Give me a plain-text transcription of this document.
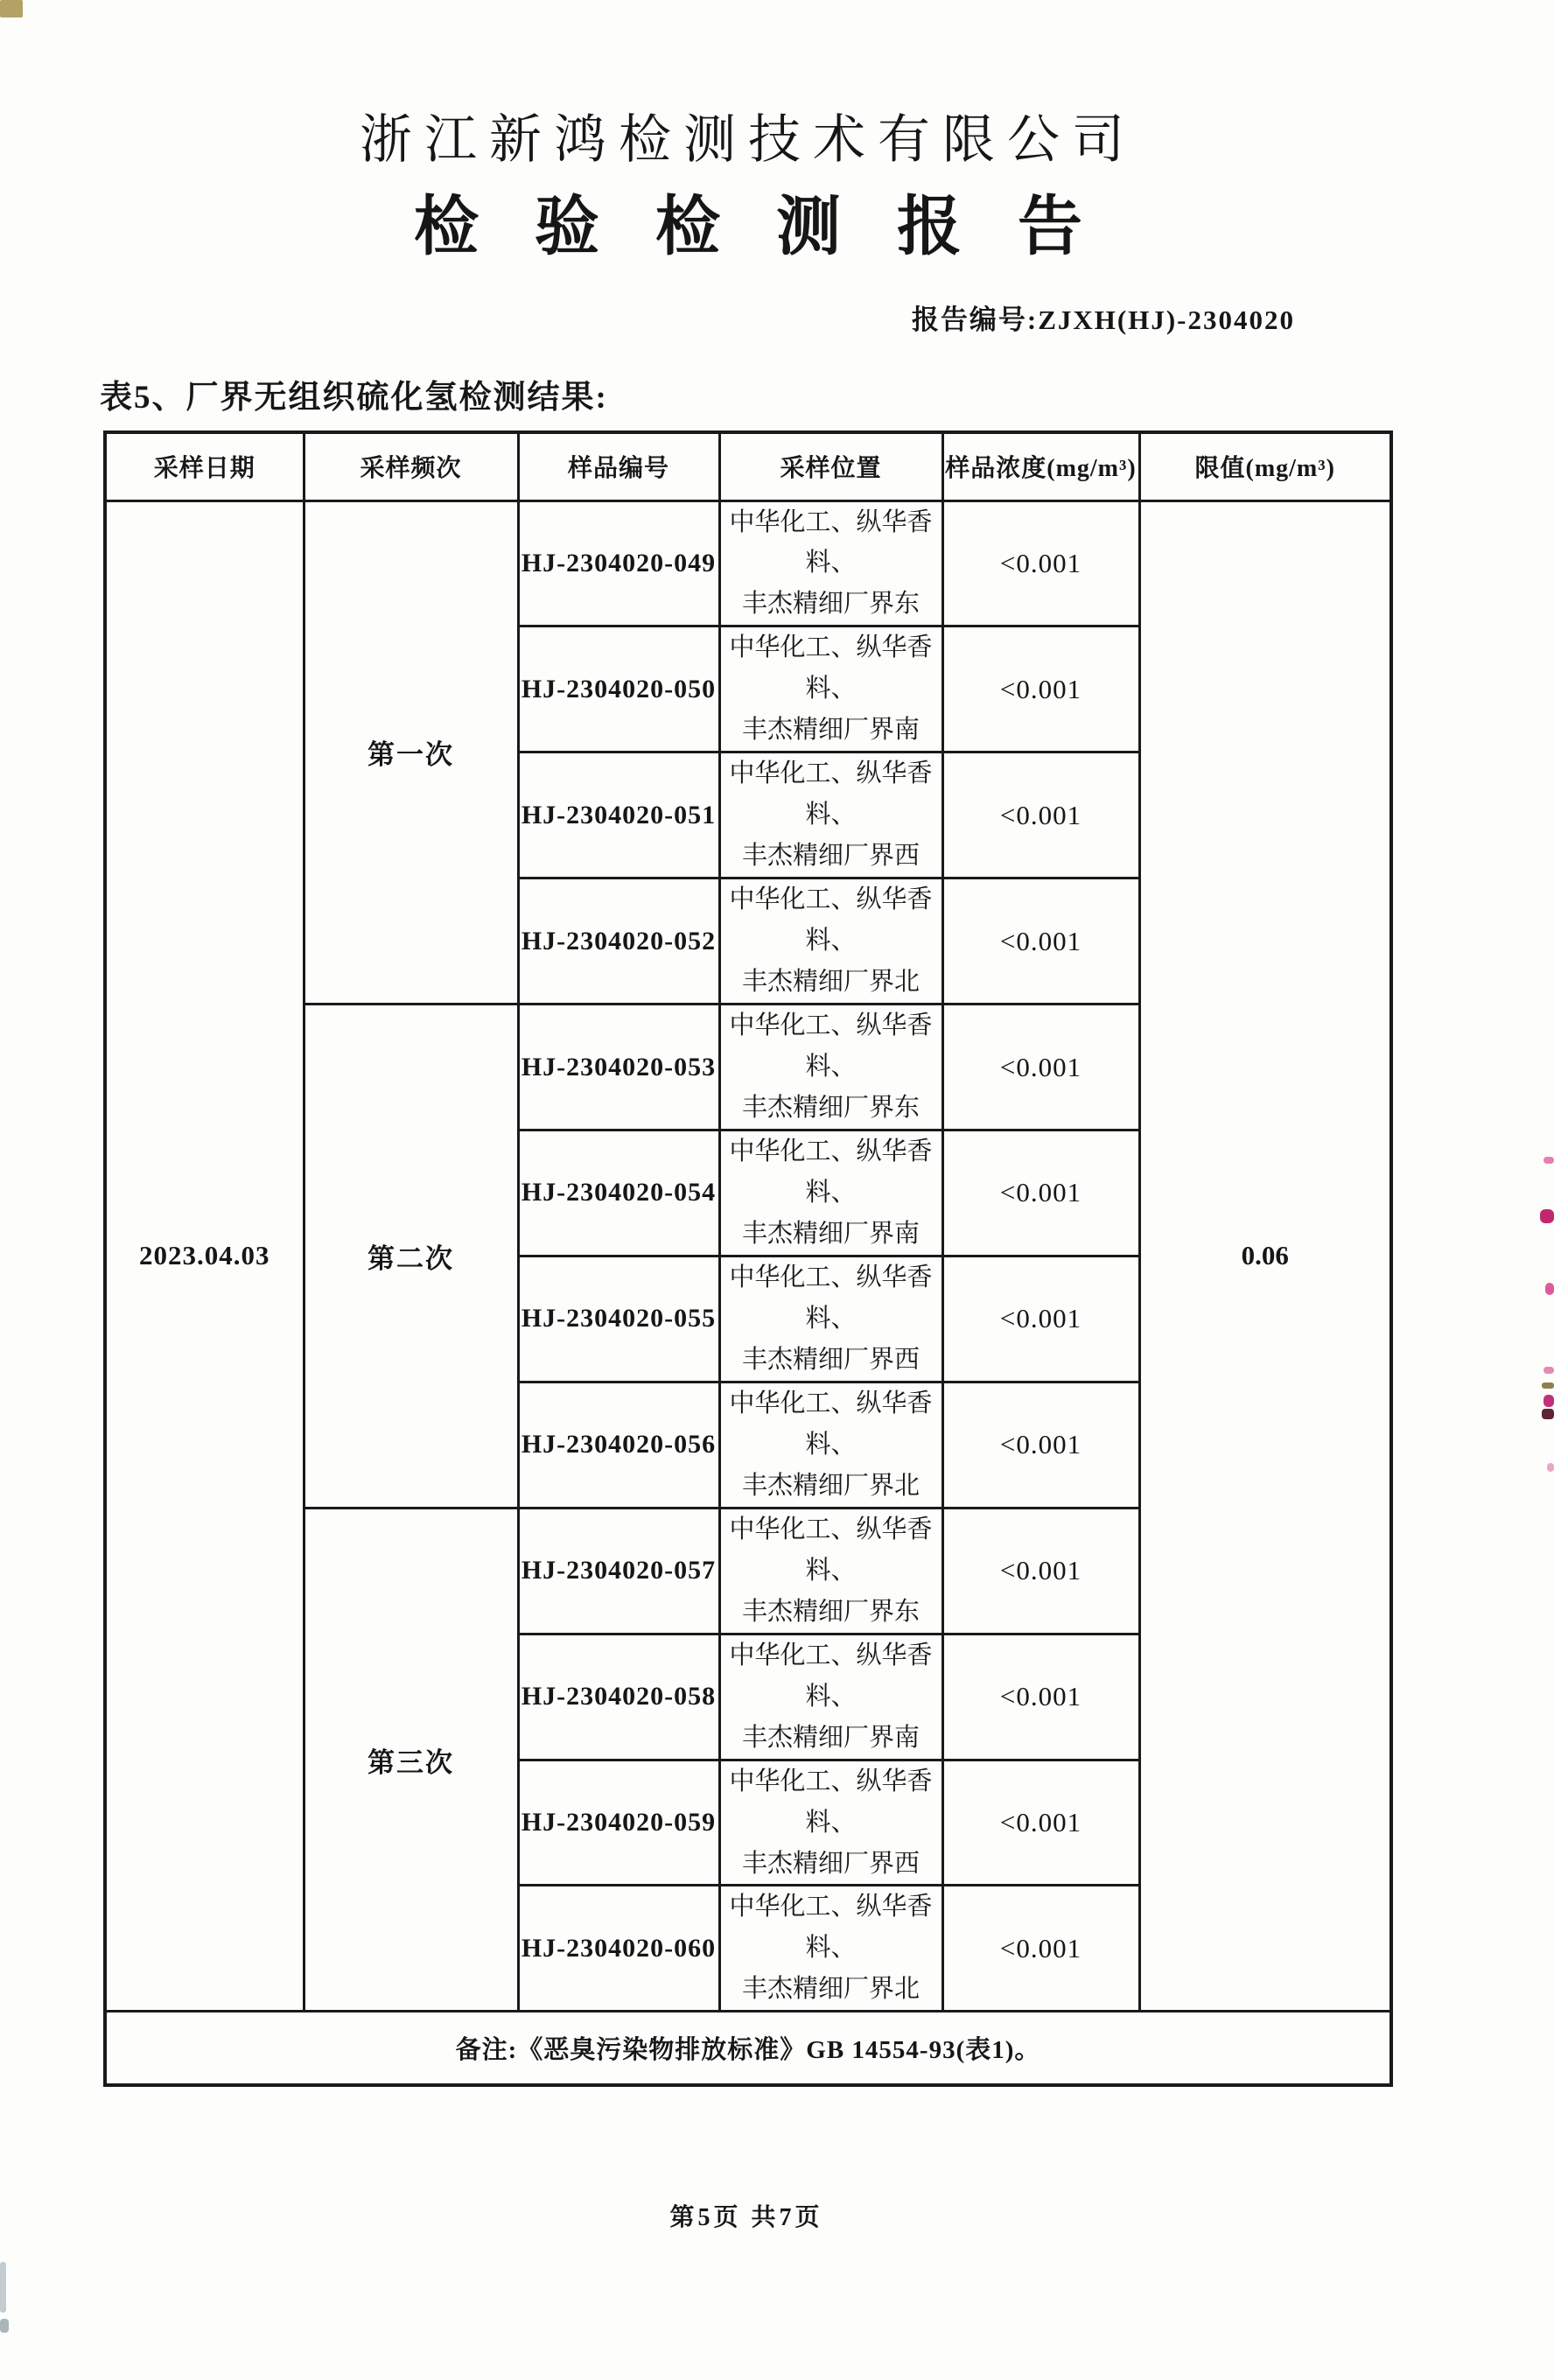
浙江新鸿检测技术有限公司
检验检测报告
报告编号:ZJXH(HJ)-2304020
表5、厂界无组织硫化氢检测结果:
采样日期	采样频次	样品编号	采样位置	样品浓度(mg/m³)	限值(mg/m³)
2023.04.03	第一次	HJ-2304020-049	中华化工、纵华香料、
丰杰精细厂界东	<0.001	0.06
		HJ-2304020-050	中华化工、纵华香料、
丰杰精细厂界南	<0.001	
		HJ-2304020-051	中华化工、纵华香料、
丰杰精细厂界西	<0.001	
		HJ-2304020-052	中华化工、纵华香料、
丰杰精细厂界北	<0.001	
	第二次	HJ-2304020-053	中华化工、纵华香料、
丰杰精细厂界东	<0.001	
		HJ-2304020-054	中华化工、纵华香料、
丰杰精细厂界南	<0.001	
		HJ-2304020-055	中华化工、纵华香料、
丰杰精细厂界西	<0.001	
		HJ-2304020-056	中华化工、纵华香料、
丰杰精细厂界北	<0.001	
	第三次	HJ-2304020-057	中华化工、纵华香料、
丰杰精细厂界东	<0.001	
		HJ-2304020-058	中华化工、纵华香料、
丰杰精细厂界南	<0.001	
		HJ-2304020-059	中华化工、纵华香料、
丰杰精细厂界西	<0.001	
		HJ-2304020-060	中华化工、纵华香料、
丰杰精细厂界北	<0.001	
备注:《恶臭污染物排放标准》GB 14554-93(表1)。					
第5页 共7页
